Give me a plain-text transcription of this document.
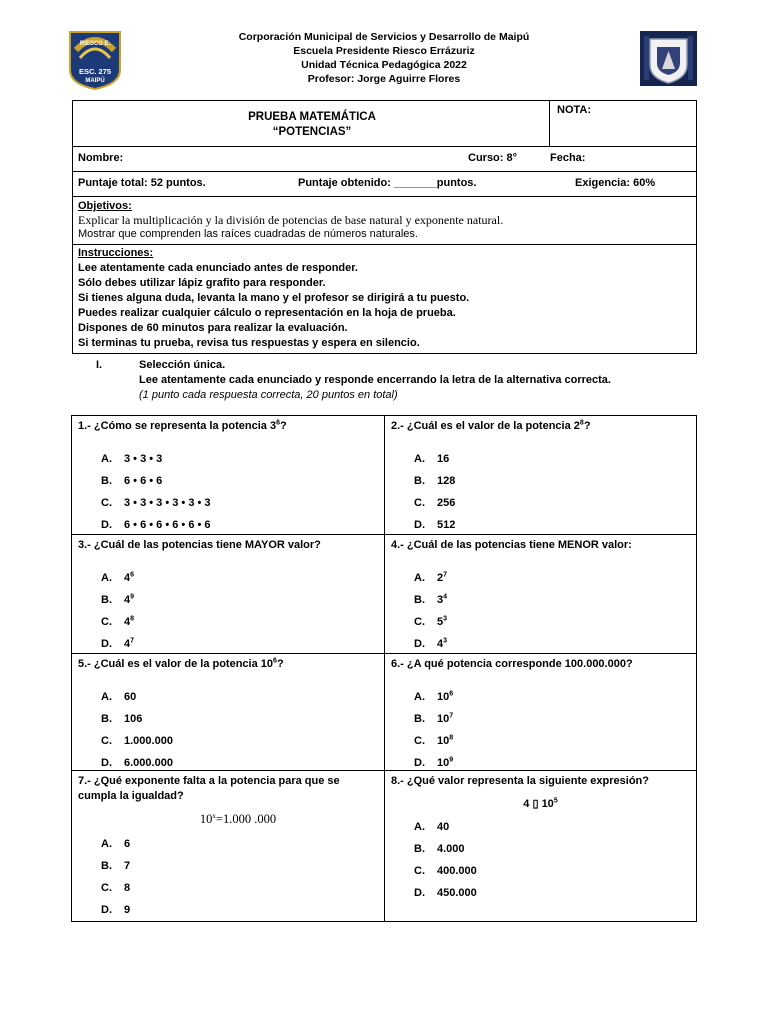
RIESCO E.
ESC. 275
MAIPÚ
Corporación Municipal de Servicios y Desarrollo de Maipú
Escuela Presidente Riesco Errázuriz
Unidad Técnica Pedagógica 2022
Profesor: Jorge Aguirre Flores
PRUEBA MATEMÁTICA
“POTENCIAS”
NOTA:
Nombre:	Curso: 8°	Fecha:
Puntaje total: 52 puntos.	Puntaje obtenido: _______puntos.	Exigencia: 60%
Objetivos:
Explicar la multiplicación y la división de potencias de base natural y exponente natural.
Mostrar que comprenden las raíces cuadradas de números naturales.
Instrucciones:
Lee atentamente cada enunciado antes de responder.
Sólo debes utilizar lápiz grafito para responder.
Si tienes alguna duda, levanta la mano y el profesor se dirigirá a tu puesto.
Puedes realizar cualquier cálculo o representación en la hoja de prueba.
Dispones de 60 minutos para realizar la evaluación.
Si terminas tu prueba, revisa tus respuestas y espera en silencio.
I.	Selección única.
Lee atentamente cada enunciado y responde encerrando la letra de la alternativa correcta.
(1 punto cada respuesta correcta, 20 puntos en total)
1.- ¿Cómo se representa la potencia $3^6$?
A. 3 • 3 • 3
B. 6 • 6 • 6
C. 3 • 3 • 3 • 3 • 3 • 3
D. 6 • 6 • 6 • 6 • 6 • 6
2.- ¿Cuál es el valor de la potencia $2^8$?
A. 16
B. 128
C. 256
D. 512
3.- ¿Cuál de las potencias tiene MAYOR valor?
A. $4^6$
B. $4^9$
C. $4^8$
D. $4^7$
4.- ¿Cuál de las potencias tiene MENOR valor:
A. $2^7$
B. $3^4$
C. $5^3$
D. $4^3$
5.- ¿Cuál es el valor de la potencia $10^6$?
A. 60
B. 106
C. 1.000.000
D. 6.000.000
6.- ¿A qué potencia corresponde 100.000.000?
A. $10^6$
B. $10^7$
C. $10^8$
D. $10^9$
7.- ¿Qué exponente falta a la potencia para que se cumpla la igualdad?
$10^x=1.000$ .000
A. 6
B. 7
C. 8
D. 9
8.- ¿Qué valor representa la siguiente expresión?
4 ▯ $10^5$
A. 40
B. 4.000
C. 400.000
D. 450.000
